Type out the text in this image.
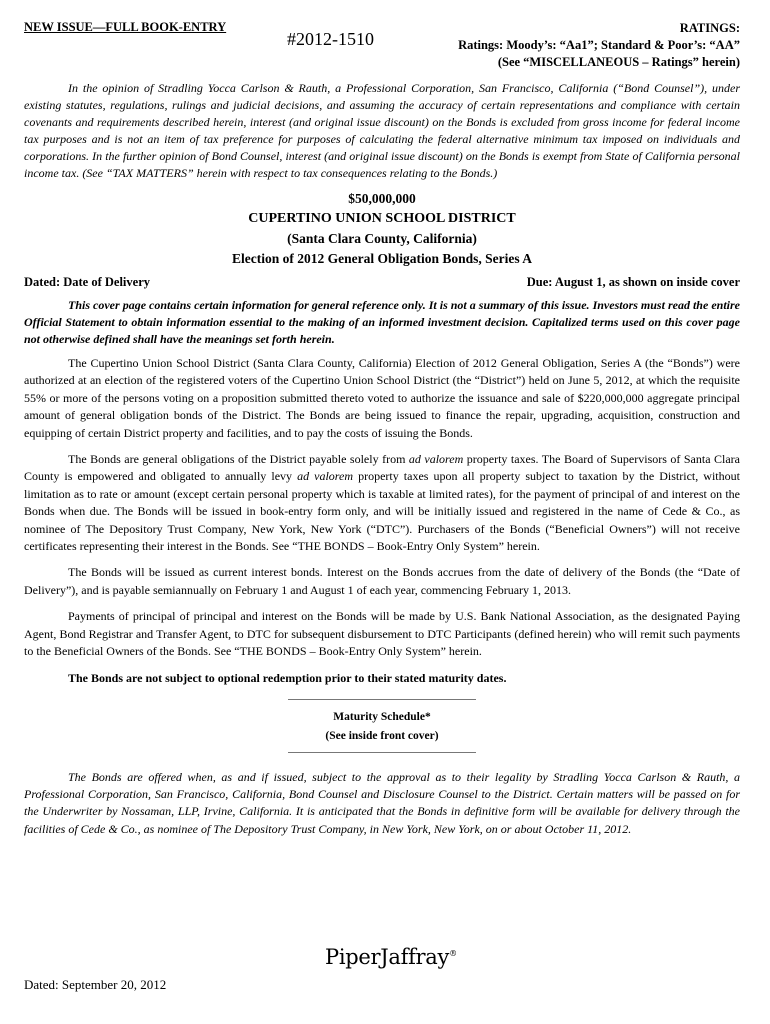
NEW ISSUE—FULL BOOK-ENTRY
#2012-1510
RATINGS:
Ratings: Moody’s: “Aa1”; Standard & Poor’s: “AA”
(See “MISCELLANEOUS – Ratings” herein)

In the opinion of Stradling Yocca Carlson & Rauth, a Professional Corporation, San Francisco, California (“Bond Counsel”), under existing statutes, regulations, rulings and judicial decisions, and assuming the accuracy of certain representations and compliance with certain covenants and requirements described herein, interest (and original issue discount) on the Bonds is excluded from gross income for federal income tax purposes and is not an item of tax preference for purposes of calculating the federal alternative minimum tax imposed on individuals and corporations. In the further opinion of Bond Counsel, interest (and original issue discount) on the Bonds is exempt from State of California personal income tax. (See “TAX MATTERS” herein with respect to tax consequences relating to the Bonds.)

$50,000,000
CUPERTINO UNION SCHOOL DISTRICT
(Santa Clara County, California)
Election of 2012 General Obligation Bonds, Series A
Dated: Date of Delivery	Due: August 1, as shown on inside cover

This cover page contains certain information for general reference only. It is not a summary of this issue. Investors must read the entire Official Statement to obtain information essential to the making of an informed investment decision. Capitalized terms used on this cover page not otherwise defined shall have the meanings set forth herein.

The Cupertino Union School District (Santa Clara County, California) Election of 2012 General Obligation, Series A (the “Bonds”) were authorized at an election of the registered voters of the Cupertino Union School District (the “District”) held on June 5, 2012, at which the requisite 55% or more of the persons voting on a proposition submitted thereto voted to authorize the issuance and sale of $220,000,000 aggregate principal amount of general obligation bonds of the District. The Bonds are being issued to finance the repair, upgrading, acquisition, construction and equipping of certain District property and facilities, and to pay the costs of issuing the Bonds.

The Bonds are general obligations of the District payable solely from ad valorem property taxes. The Board of Supervisors of Santa Clara County is empowered and obligated to annually levy ad valorem property taxes upon all property subject to taxation by the District, without limitation as to rate or amount (except certain personal property which is taxable at limited rates), for the payment of principal of and interest on the Bonds when due. The Bonds will be issued in book-entry form only, and will be initially issued and registered in the name of Cede & Co., as nominee of The Depository Trust Company, New York, New York (“DTC”). Purchasers of the Bonds (“Beneficial Owners”) will not receive certificates representing their interest in the Bonds. See “THE BONDS – Book-Entry Only System” herein.

The Bonds will be issued as current interest bonds. Interest on the Bonds accrues from the date of delivery of the Bonds (the “Date of Delivery”), and is payable semiannually on February 1 and August 1 of each year, commencing February 1, 2013.

Payments of principal of principal and interest on the Bonds will be made by U.S. Bank National Association, as the designated Paying Agent, Bond Registrar and Transfer Agent, to DTC for subsequent disbursement to DTC Participants (defined herein) who will remit such payments to the Beneficial Owners of the Bonds. See “THE BONDS – Book-Entry Only System” herein.

The Bonds are not subject to optional redemption prior to their stated maturity dates.

Maturity Schedule*
(See inside front cover)

The Bonds are offered when, as and if issued, subject to the approval as to their legality by Stradling Yocca Carlson & Rauth, a Professional Corporation, San Francisco, California, Bond Counsel and Disclosure Counsel to the District. Certain matters will be passed on for the Underwriter by Nossaman, LLP, Irvine, California. It is anticipated that the Bonds in definitive form will be available for delivery through the facilities of Cede & Co., as nominee of The Depository Trust Company, in New York, New York, on or about October 11, 2012.

PiperJaffray®
Dated: September 20, 2012
